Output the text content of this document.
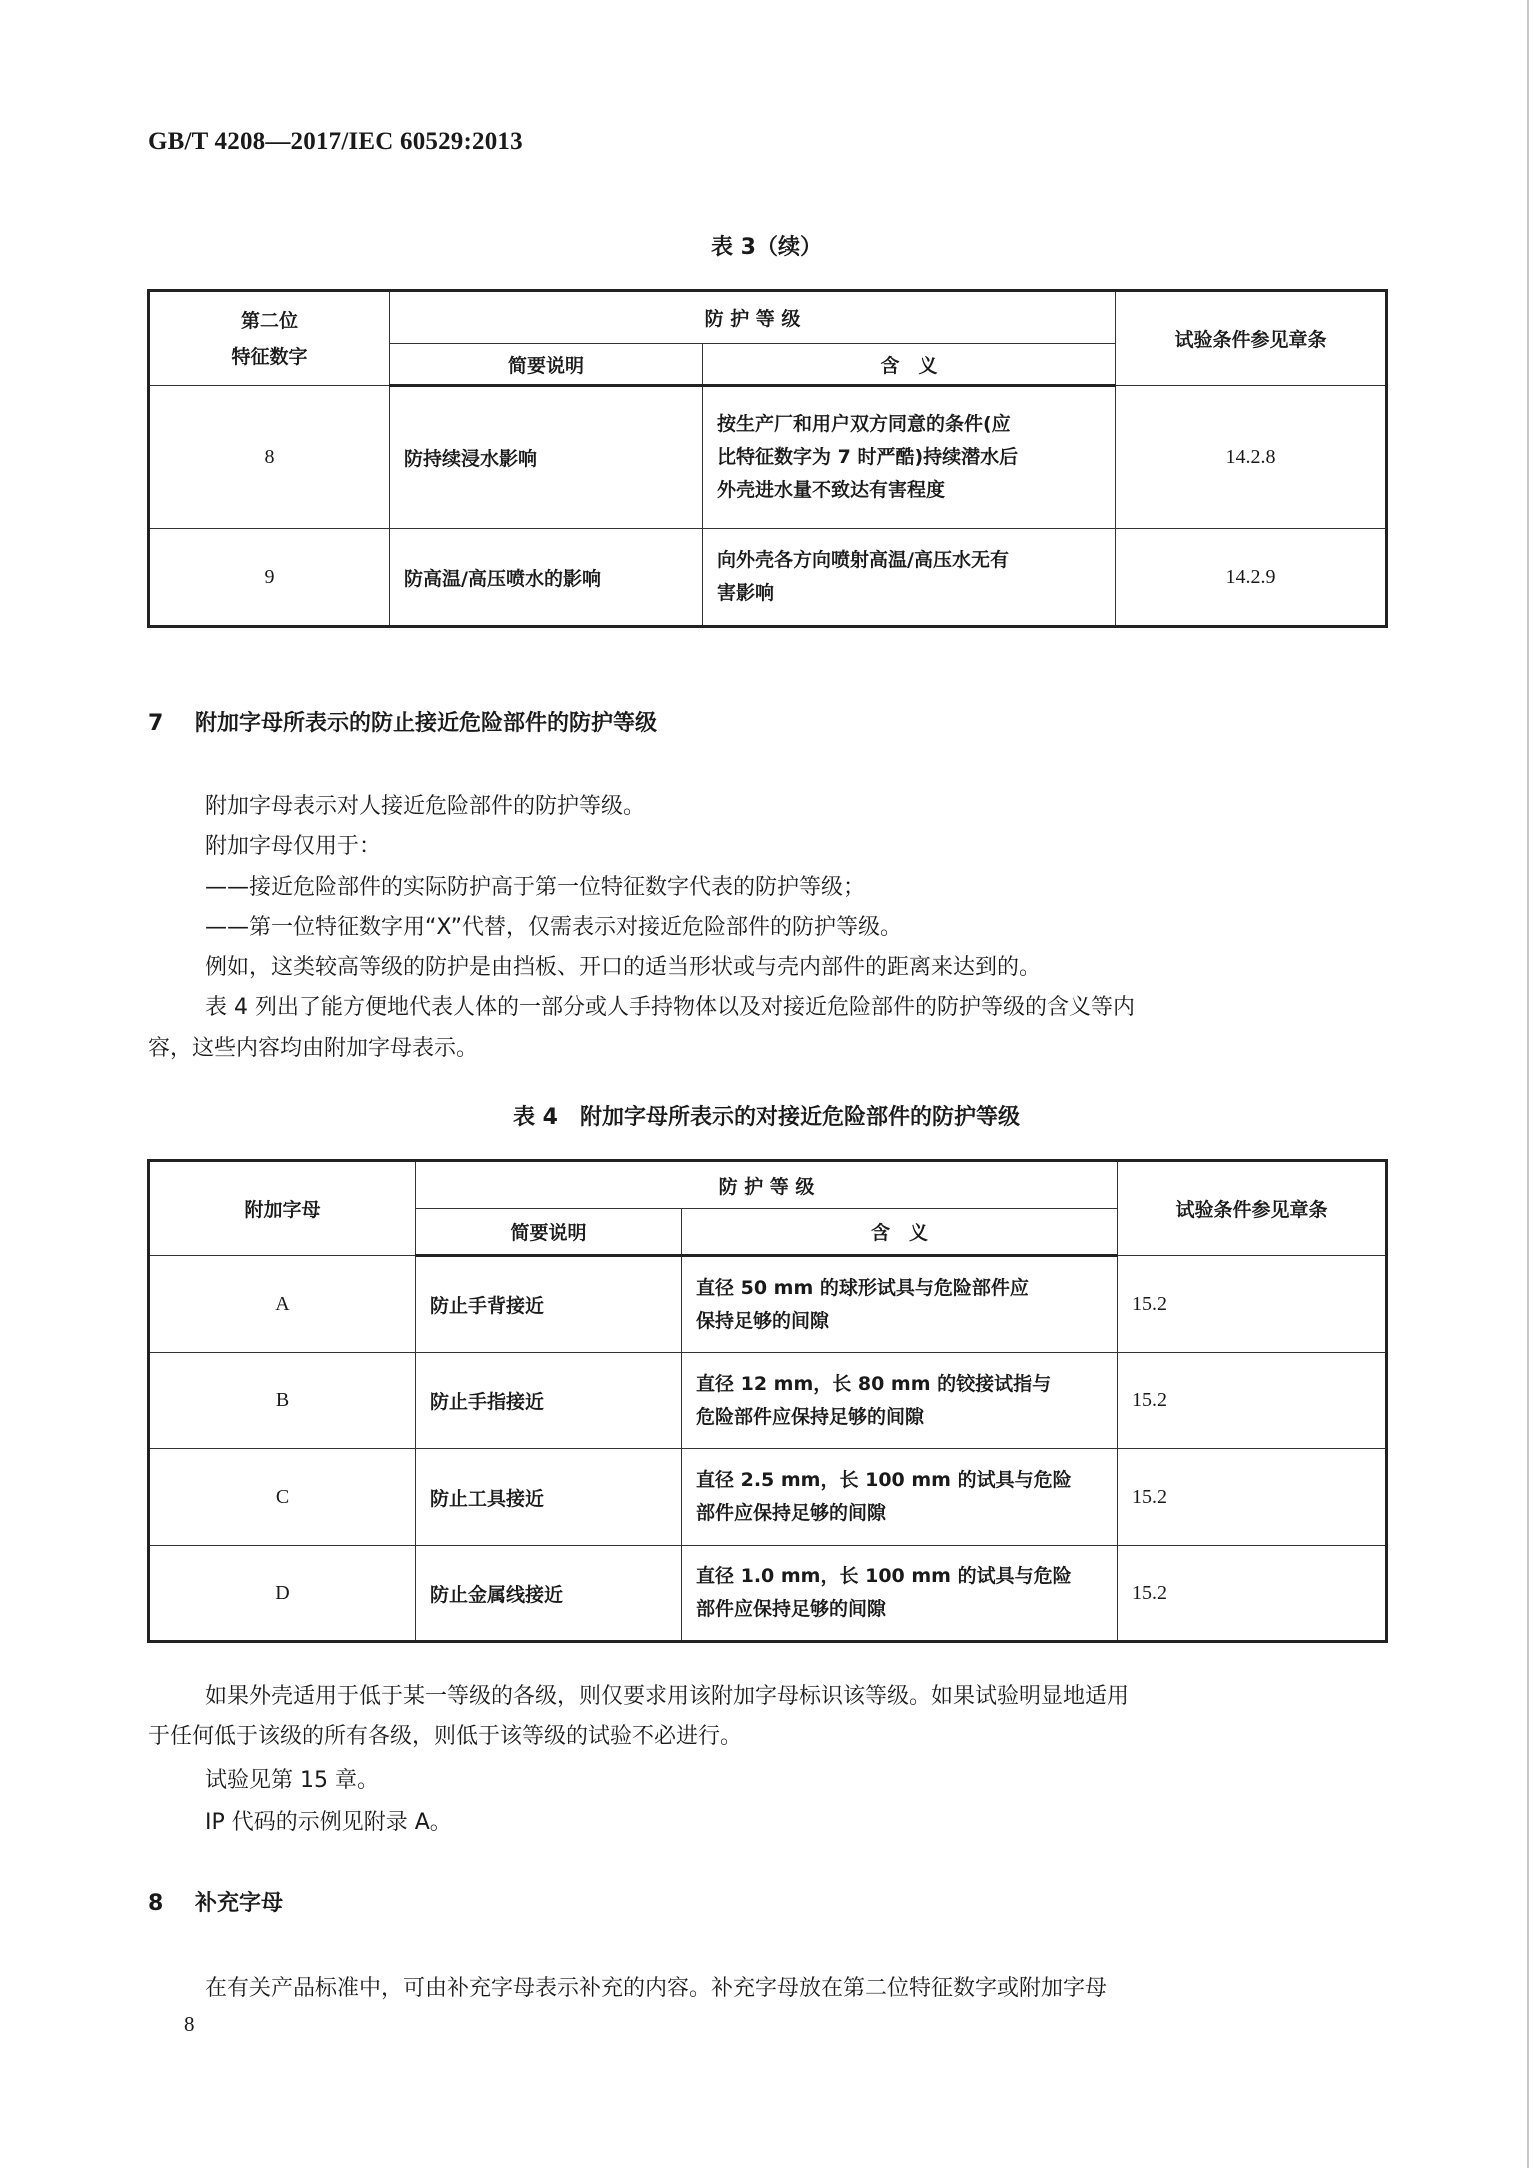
GB/T 4208—2017/IEC 60529:2013
表 3（续）
第二位
特征数字	防 护 等 级		试验条件参见章条
	简要说明	含　义	
8	防持续浸水影响	按生产厂和用户双方同意的条件(应
比特征数字为 7 时严酷)持续潜水后
外壳进水量不致达有害程度	14.2.8
9	防高温/高压喷水的影响	向外壳各方向喷射高温/高压水无有
害影响	14.2.9
7 附加字母所表示的防止接近危险部件的防护等级
附加字母表示对人接近危险部件的防护等级。
附加字母仅用于：
——接近危险部件的实际防护高于第一位特征数字代表的防护等级；
——第一位特征数字用“X”代替，仅需表示对接近危险部件的防护等级。
例如，这类较高等级的防护是由挡板、开口的适当形状或与壳内部件的距离来达到的。
表 4 列出了能方便地代表人体的一部分或人手持物体以及对接近危险部件的防护等级的含义等内
容，这些内容均由附加字母表示。
表 4　附加字母所表示的对接近危险部件的防护等级
附加字母	防 护 等 级		试验条件参见章条
	简要说明	含　义	
A	防止手背接近	直径 50 mm 的球形试具与危险部件应
保持足够的间隙	15.2
B	防止手指接近	直径 12 mm，长 80 mm 的铰接试指与
危险部件应保持足够的间隙	15.2
C	防止工具接近	直径 2.5 mm，长 100 mm 的试具与危险
部件应保持足够的间隙	15.2
D	防止金属线接近	直径 1.0 mm，长 100 mm 的试具与危险
部件应保持足够的间隙	15.2
如果外壳适用于低于某一等级的各级，则仅要求用该附加字母标识该等级。如果试验明显地适用
于任何低于该级的所有各级，则低于该等级的试验不必进行。
试验见第 15 章。
IP 代码的示例见附录 A。
8 补充字母
在有关产品标准中，可由补充字母表示补充的内容。补充字母放在第二位特征数字或附加字母
8
